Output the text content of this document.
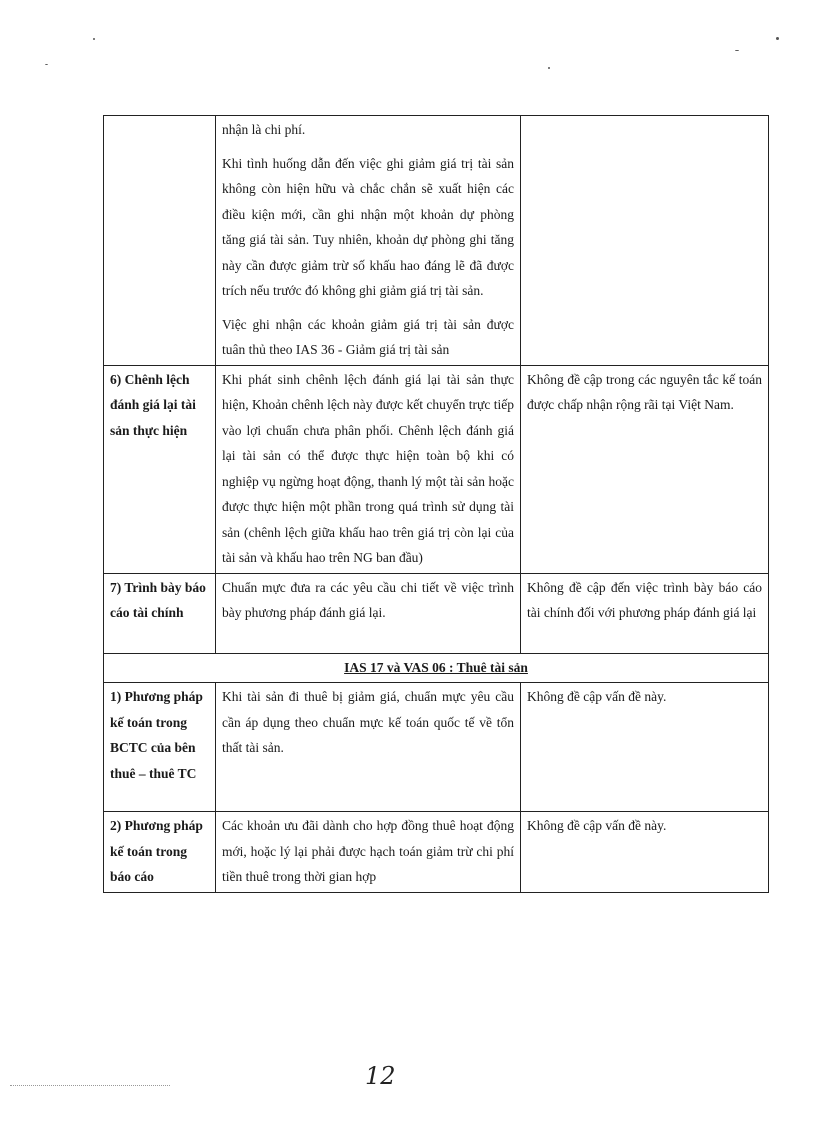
	nhận là chi phí.

Khi tình huống dẫn đến việc ghi giảm giá trị tài sản không còn hiện hữu và chắc chắn sẽ xuất hiện các điều kiện mới, cần ghi nhận một khoản dự phòng tăng giá tài sản. Tuy nhiên, khoản dự phòng ghi tăng này cần được giảm trừ số khấu hao đáng lẽ đã được trích nếu trước đó không ghi giảm giá trị tài sản.

Việc ghi nhận các khoản giảm giá trị tài sản được tuân thủ theo IAS 36 - Giảm giá trị tài sản	

6) Chênh lệch đánh giá lại tài sản thực hiện	Khi phát sinh chênh lệch đánh giá lại tài sản thực hiện, Khoản chênh lệch này được kết chuyển trực tiếp vào lợi chuẩn chưa phân phối. Chênh lệch đánh giá lại tài sản có thể được thực hiện toàn bộ khi có nghiệp vụ ngừng hoạt động, thanh lý một tài sản hoặc được thực hiện một phần trong quá trình sử dụng tài sản (chênh lệch giữa khấu hao trên giá trị còn lại của tài sản và khấu hao trên NG ban đầu)	Không đề cập trong các nguyên tắc kế toán được chấp nhận rộng rãi tại Việt Nam.
7) Trình bày báo cáo tài chính	Chuẩn mực đưa ra các yêu cầu chi tiết về việc trình bày phương pháp đánh giá lại.	Không đề cập đến việc trình bày báo cáo tài chính đối với phương pháp đánh giá lại
IAS 17 và VAS 06 : Thuê tài sản		
1) Phương pháp kế toán trong BCTC của bên thuê – thuê TC	Khi tài sản đi thuê bị giảm giá, chuẩn mực yêu cầu cần áp dụng theo chuẩn mực kế toán quốc tế về tổn thất tài sản.	Không đề cập vấn đề này.
2) Phương pháp kế toán trong báo cáo	Các khoản ưu đãi dành cho hợp đồng thuê hoạt động mới, hoặc lý lại phải được hạch toán giảm trừ chi phí tiền thuê trong thời gian hợp	Không đề cập vấn đề này.
12
